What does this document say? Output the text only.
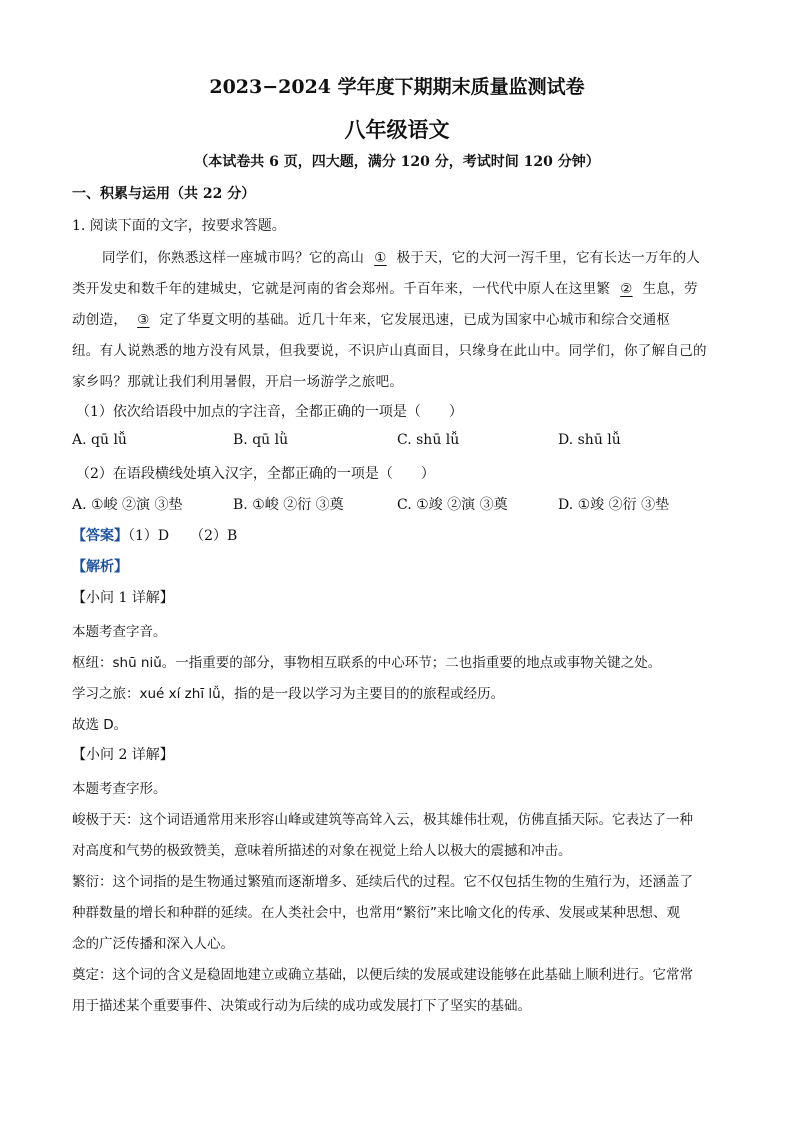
2023−2024 学年度下期期末质量监测试卷
八年级语文
（本试卷共 6 页，四大题，满分 120 分，考试时间 120 分钟）
一、积累与运用（共 22 分）
1. 阅读下面的文字，按要求答题。
同学们，你熟悉这样一座城市吗？它的高山 ① 极于天，它的大河一泻千里，它有长达一万年的人
类开发史和数千年的建城史，它就是河南的省会郑州。千百年来，一代代中原人在这里繁 ② 生息，劳
动创造， ③ 定了华夏文明的基础。近几十年来，它发展迅速，已成为国家中心城市和综合交通枢
纽。有人说熟悉的地方没有风景，但我要说，不识庐山真面目，只缘身在此山中。同学们，你了解自己的
家乡吗？那就让我们利用暑假，开启一场游学之旅吧。
（1）依次给语段中加点的字注音，全都正确的一项是（　　）
A. qū lǚ	B. qū lǜ	C. shū lǚ	D. shū lǚ
（2）在语段横线处填入汉字，全都正确的一项是（　　）
A. ①峻 ②演 ③垫	B. ①峻 ②衍 ③奠	C. ①竣 ②演 ③奠	D. ①竣 ②衍 ③垫
【答案】（1）D　　（2）B
【解析】
【小问 1 详解】
本题考查字音。
枢纽：shū niǔ。一指重要的部分，事物相互联系的中心环节；二也指重要的地点或事物关键之处。
学习之旅：xué xí zhī lǚ，指的是一段以学习为主要目的的旅程或经历。
故选 D。
【小问 2 详解】
本题考查字形。
峻极于天：这个词语通常用来形容山峰或建筑等高耸入云，极其雄伟壮观，仿佛直插天际。它表达了一种
对高度和气势的极致赞美，意味着所描述的对象在视觉上给人以极大的震撼和冲击。
繁衍：这个词指的是生物通过繁殖而逐渐增多、延续后代的过程。它不仅包括生物的生殖行为，还涵盖了
种群数量的增长和种群的延续。在人类社会中，也常用“繁衍”来比喻文化的传承、发展或某种思想、观
念的广泛传播和深入人心。
奠定：这个词的含义是稳固地建立或确立基础，以便后续的发展或建设能够在此基础上顺利进行。它常常
用于描述某个重要事件、决策或行动为后续的成功或发展打下了坚实的基础。
